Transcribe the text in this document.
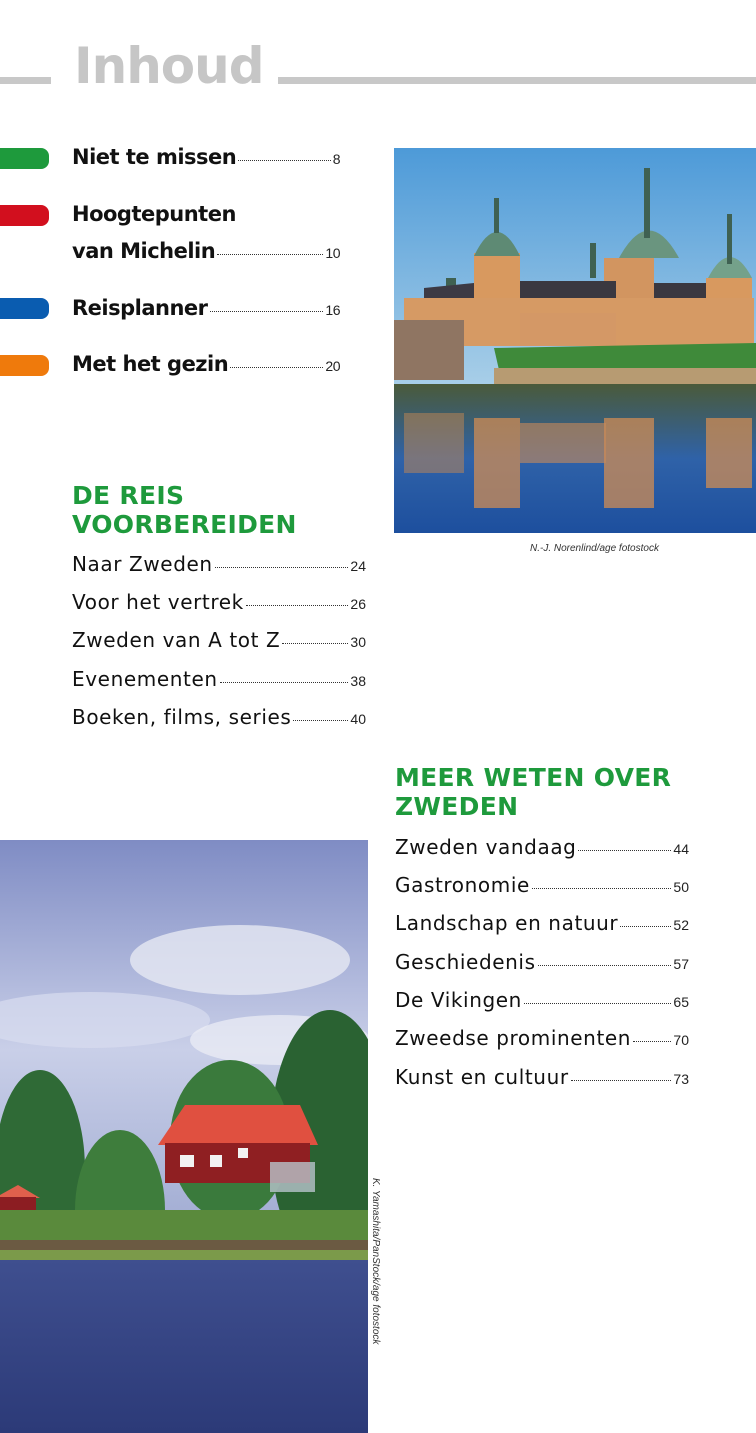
Inhoud
Niet te missen	8
Hoogtepunten
van Michelin	10
Reisplanner	16
Met het gezin	20
N.-J. Norenlind/age fotostock
DE REIS
VOORBEREIDEN
Naar Zweden	24
Voor het vertrek	26
Zweden van A tot Z	30
Evenementen	38
Boeken, films, series	40
MEER WETEN OVER
ZWEDEN
Zweden vandaag	44
Gastronomie	50
Landschap en natuur	52
Geschiedenis	57
De Vikingen	65
Zweedse prominenten	70
Kunst en cultuur	73
K. Yamashita/PanStock/age fotostock
